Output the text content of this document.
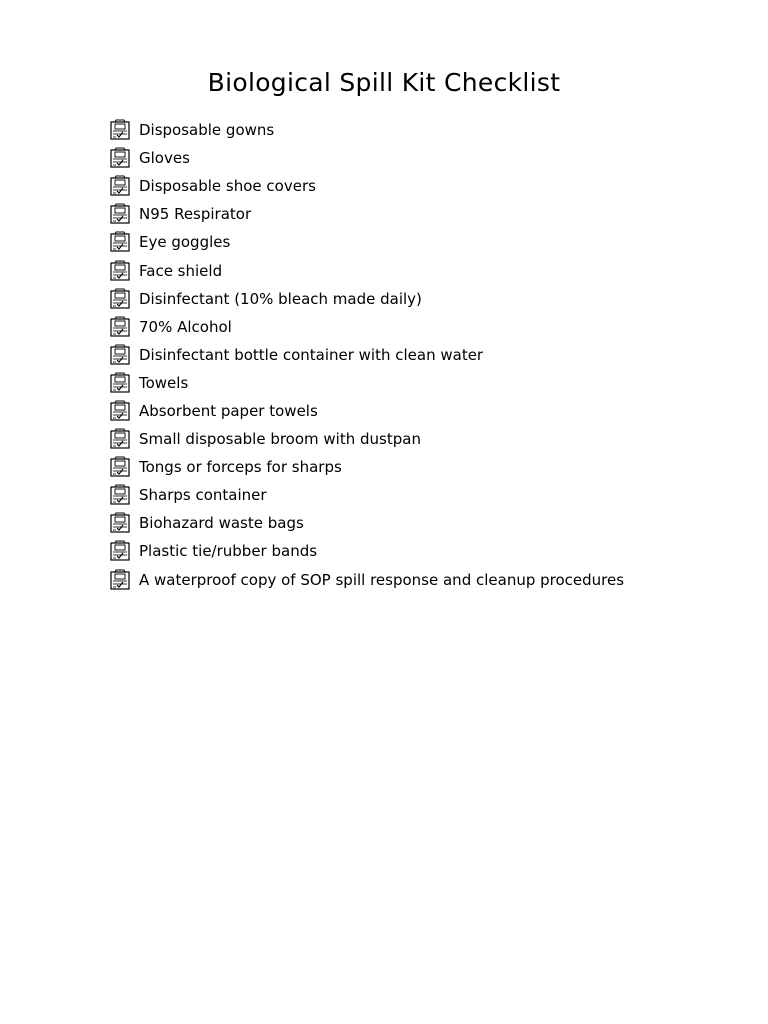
Biological Spill Kit Checklist
Disposable gowns
Gloves
Disposable shoe covers
N95 Respirator
Eye goggles
Face shield
Disinfectant (10% bleach made daily)
70% Alcohol
Disinfectant bottle container with clean water
Towels
Absorbent paper towels
Small disposable broom with dustpan
Tongs or forceps for sharps
Sharps container
Biohazard waste bags
Plastic tie/rubber bands
A waterproof copy of SOP spill response and cleanup procedures
